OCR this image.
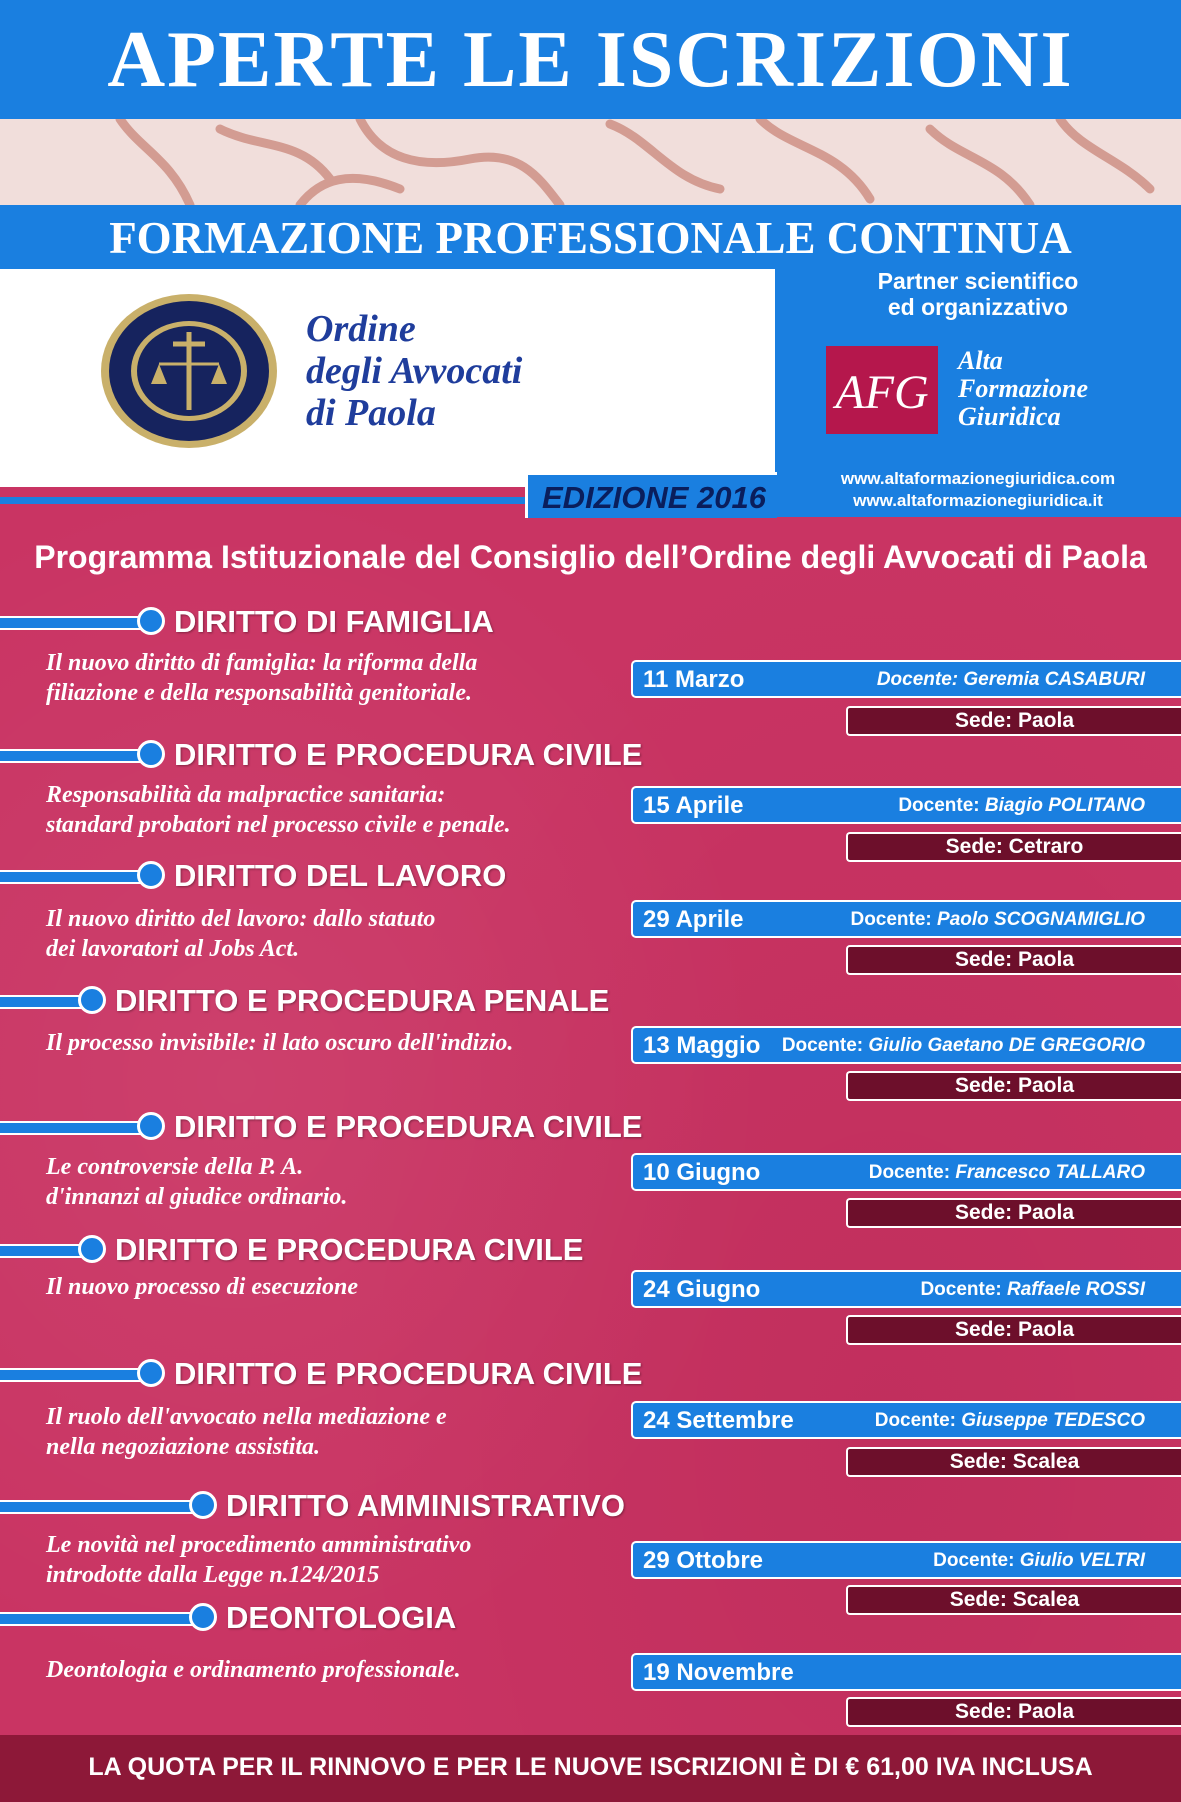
APERTE LE ISCRIZIONI
FORMAZIONE PROFESSIONALE CONTINUA
Ordine
degli Avvocati
di Paola
Partner scientifico
ed organizzativo
AFG
Alta
Formazione
Giuridica
www.altaformazionegiuridica.com
www.altaformazionegiuridica.it
EDIZIONE 2016
Programma Istituzionale del Consiglio dell’Ordine degli Avvocati di Paola
DIRITTO DI FAMIGLIA
Il nuovo diritto di famiglia: la riforma della
filiazione e della responsabilità genitoriale.	11 Marzo	Docente: Geremia CASABURI
Sede: Paola
DIRITTO E PROCEDURA CIVILE
Responsabilità da malpractice sanitaria:
standard probatori nel processo civile e penale.
15 Aprile	Docente: Biagio POLITANO
Sede: Cetraro
DIRITTO DEL LAVORO
Il nuovo diritto del lavoro: dallo statuto
dei lavoratori al Jobs Act.
29 Aprile	Docente: Paolo SCOGNAMIGLIO
Sede: Paola
DIRITTO E PROCEDURA PENALE
Il processo invisibile: il lato oscuro dell'indizio.	13 Maggio Docente: Giulio Gaetano DE GREGORIO
Sede: Paola
DIRITTO E PROCEDURA CIVILE
Le controversie della P. A.
d'innanzi al giudice ordinario.
10 Giugno	Docente: Francesco TALLARO
Sede: Paola
DIRITTO E PROCEDURA CIVILE
Il nuovo processo di esecuzione	24 Giugno	Docente: Raffaele ROSSI
Sede: Paola
DIRITTO E PROCEDURA CIVILE
Il ruolo dell'avvocato nella mediazione e
nella negoziazione assistita.
24 Settembre	Docente: Giuseppe TEDESCO
Sede: Scalea
DIRITTO AMMINISTRATIVO
Le novità nel procedimento amministrativo
introdotte dalla Legge n.124/2015
29 Ottobre	Docente: Giulio VELTRI
Sede: Scalea
DEONTOLOGIA
Deontologia e ordinamento professionale.	19 Novembre
Sede: Paola
LA QUOTA PER IL RINNOVO E PER LE NUOVE ISCRIZIONI È DI € 61,00 IVA INCLUSA
